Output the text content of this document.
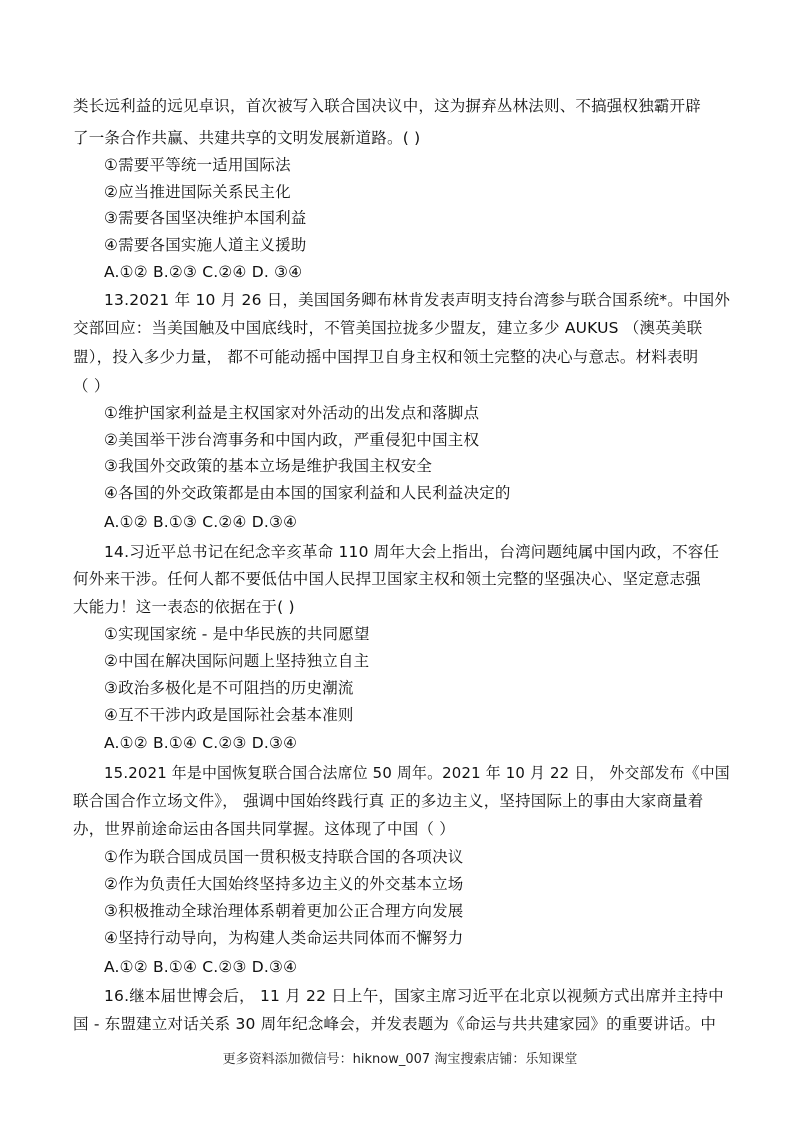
类长远利益的远见卓识，首次被写入联合国决议中，这为摒弃丛林法则、不搞强权独霸开辟
了一条合作共赢、共建共享的文明发展新道路。( )
①需要平等统一适用国际法
②应当推进国际关系民主化
③需要各国坚决维护本国利益
④需要各国实施人道主义援助
A.①② B.②③ C.②④ D. ③④
13.2021 年 10 月 26 日，美国国务卿布林肯发表声明支持台湾参与联合国系统*。中国外
交部回应：当美国触及中国底线时，不管美国拉拢多少盟友，建立多少 AUKUS （澳英美联
盟），投入多少力量， 都不可能动摇中国捍卫自身主权和领土完整的决心与意志。材料表明
（ ）
①维护国家利益是主权国家对外活动的出发点和落脚点
②美国举干涉台湾事务和中国内政，严重侵犯中国主权
③我国外交政策的基本立场是维护我国主权安全
④各国的外交政策都是由本国的国家利益和人民利益决定的
A.①② B.①③ C.②④ D.③④
14.习近平总书记在纪念辛亥革命 110 周年大会上指出，台湾问题纯属中国内政，不容任
何外来干涉。任何人都不要低估中国人民捍卫国家主权和领土完整的坚强决心、坚定意志强
大能力！这一表态的依据在于( )
①实现国家统 - 是中华民族的共同愿望
②中国在解决国际问题上坚持独立自主
③政治多极化是不可阻挡的历史潮流
④互不干涉内政是国际社会基本准则
A.①② B.①④ C.②③ D.③④
15.2021 年是中国恢复联合国合法席位 50 周年。2021 年 10 月 22 日， 外交部发布《中国
联合国合作立场文件》， 强调中国始终践行真 正的多边主义，坚持国际上的事由大家商量着
办，世界前途命运由各国共同掌握。这体现了中国（ ）
①作为联合国成员国一贯积极支持联合国的各项决议
②作为负责任大国始终坚持多边主义的外交基本立场
③积极推动全球治理体系朝着更加公正合理方向发展
④坚持行动导向，为构建人类命运共同体而不懈努力
A.①② B.①④ C.②③ D.③④
16.继本届世博会后， 11 月 22 日上午，国家主席习近平在北京以视频方式出席并主持中
国 - 东盟建立对话关系 30 周年纪念峰会，并发表题为《命运与共共建家园》的重要讲话。中
更多资料添加微信号：hiknow_007 淘宝搜索店铺：乐知课堂
